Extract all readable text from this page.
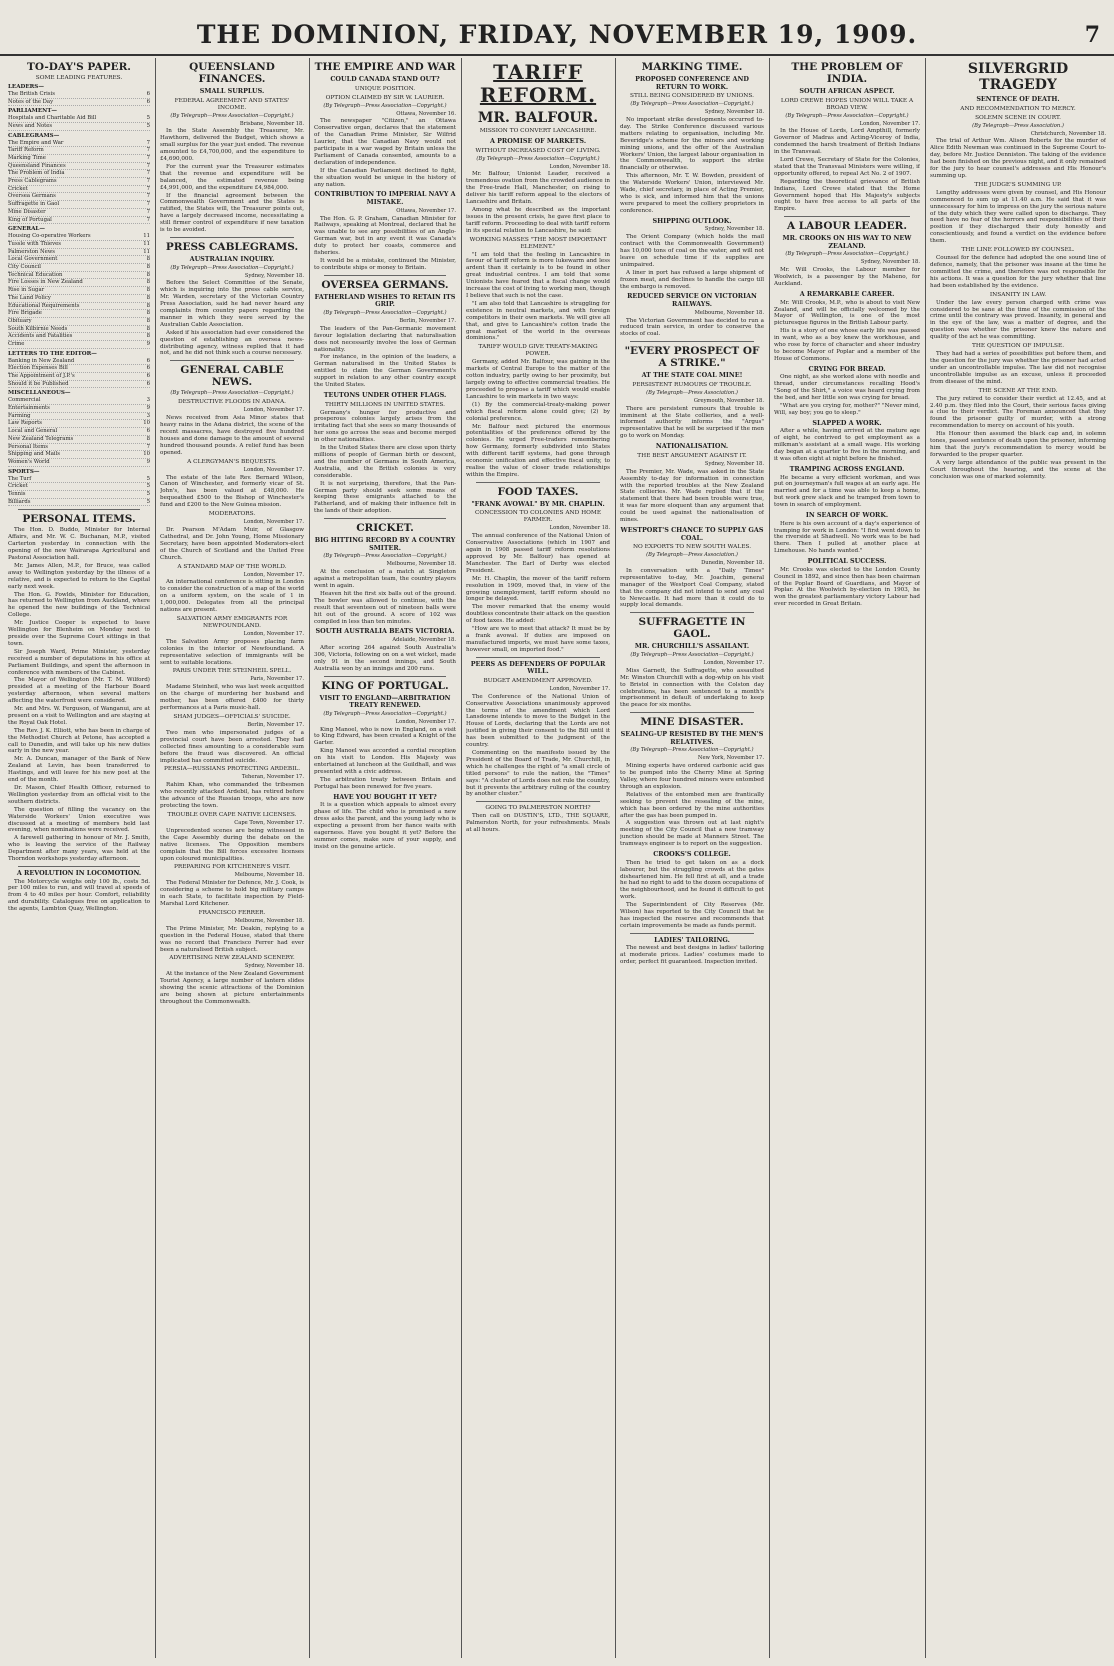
THE DOMINION, FRIDAY, NOVEMBER 19, 1909.	7
TO-DAY'S PAPER.
SOME LEADING FEATURES.
LEADERS—
The British Crisis	6
Notes of the Day	6
PARLIAMENT—
Hospitals and Charitable Aid Bill	5
News and Notes	5
CABLEGRAMS—
The Empire and War	7
Tariff Reform	7
Marking Time	7
Queensland Finances	7
The Problem of India	7
Press Cablegrams	7
Cricket	7
Oversea Germans	7
Suffragette in Gaol	7
Mine Disaster	7
King of Portugal	7
GENERAL—
Housing Co-operative Workers	11
Tussle with Thieves	11
Palmerston News	11
Local Government	8
City Council	8
Technical Education	8
Fire Losses in New Zealand	8
Rise in Sugar	8
The Land Policy	8
Educational Requirements	8
Fire Brigade	8
Obituary	8
South Kilbirnie Needs	8
Accidents and Fatalities	8
Crime	9
LETTERS TO THE EDITOR—
Banking in New Zealand	6
Election Expenses Bill	6
The Appointment of J.P.'s	6
Should it be Published	6
MISCELLANEOUS—
Commercial	3
Entertainments	9
Farming	3
Law Reports	10
Local and General	6
New Zealand Telegrams	8
Personal Items	7
Shipping and Mails	10
Women's World	9
SPORTS—
The Turf	5
Cricket	5
Tennis	5
Billiards	5
PERSONAL ITEMS.

The Hon. D. Buddo, Minister for Internal Affairs, and Mr. W. C. Buchanan, M.P., visited Carterton yesterday in connection with the opening of the new Wairarapa Agricultural and Pastoral Association hall.

Mr. James Allen, M.P., for Bruce, was called away to Wellington yesterday by the illness of a relative, and is expected to return to the Capital early next week.

The Hon. G. Fowlds, Minister for Education, has returned to Wellington from Auckland, where he opened the new buildings of the Technical College.

Mr. Justice Cooper is expected to leave Wellington for Blenheim on Monday next to preside over the Supreme Court sittings in that town.

Sir Joseph Ward, Prime Minister, yesterday received a number of deputations in his office at Parliament Buildings, and spent the afternoon in conference with members of the Cabinet.

The Mayor of Wellington (Mr. T. M. Wilford) presided at a meeting of the Harbour Board yesterday afternoon, when several matters affecting the waterfront were considered.

Mr. and Mrs. W. Ferguson, of Wanganui, are at present on a visit to Wellington and are staying at the Royal Oak Hotel.

The Rev. J. K. Elliott, who has been in charge of the Methodist Church at Petone, has accepted a call to Dunedin, and will take up his new duties early in the new year.

Mr. A. Duncan, manager of the Bank of New Zealand at Levin, has been transferred to Hastings, and will leave for his new post at the end of the month.

Dr. Mason, Chief Health Officer, returned to Wellington yesterday from an official visit to the southern districts.

The question of filling the vacancy on the Waterside Workers' Union executive was discussed at a meeting of members held last evening, when nominations were received.

A farewell gathering in honour of Mr. J. Smith, who is leaving the service of the Railway Department after many years, was held at the Thorndon workshops yesterday afternoon.

A REVOLUTION IN LOCOMOTION.

The Motorcycle weighs only 100 lb., costs 5d. per 100 miles to run, and will travel at speeds of from 4 to 40 miles per hour. Comfort, reliability and durability. Catalogues free on application to the agents, Lambton Quay, Wellington.

QUEENSLAND FINANCES.
SMALL SURPLUS.
FEDERAL AGREEMENT AND STATES' INCOME.
(By Telegraph—Press Association—Copyright.)
Brisbane, November 18.

In the State Assembly the Treasurer, Mr. Hawthorn, delivered the Budget, which shows a small surplus for the year just ended. The revenue amounted to £4,700,000, and the expenditure to £4,690,000.

For the current year the Treasurer estimates that the revenue and expenditure will be balanced, the estimated revenue being £4,991,000, and the expenditure £4,984,000.

If the financial agreement between the Commonwealth Government and the States is ratified, the States will, the Treasurer points out, have a largely decreased income, necessitating a still firmer control of expenditure if new taxation is to be avoided.

PRESS CABLEGRAMS.
AUSTRALIAN INQUIRY.
(By Telegraph—Press Association—Copyright.)
Sydney, November 18.

Before the Select Committee of the Senate, which is inquiring into the press cable service, Mr. Warden, secretary of the Victorian Country Press Association, said he had never heard any complaints from country papers regarding the manner in which they were served by the Australian Cable Association.

Asked if his association had ever considered the question of establishing an oversea news-distributing agency, witness replied that it had not, and he did not think such a course necessary.

GENERAL CABLE NEWS.
(By Telegraph—Press Association—Copyright.)
DESTRUCTIVE FLOODS IN ADANA.
London, November 17.

News received from Asia Minor states that heavy rains in the Adana district, the scene of the recent massacres, have destroyed five hundred houses and done damage to the amount of several hundred thousand pounds. A relief fund has been opened.

A CLERGYMAN'S BEQUESTS.
London, November 17.

The estate of the late Rev. Bernard Wilson, Canon of Winchester, and formerly vicar of St. John's, has been valued at £48,000. He bequeathed £500 to the Bishop of Winchester's fund and £200 to the New Guinea mission.

MODERATORS.
London, November 17.

Dr. Pearson M'Adam Muir, of Glasgow Cathedral, and Dr. John Young, Home Missionary Secretary, have been appointed Moderators-elect of the Church of Scotland and the United Free Church.

A STANDARD MAP OF THE WORLD.
London, November 17.

An international conference is sitting in London to consider the construction of a map of the world on a uniform system, on the scale of 1 in 1,000,000. Delegates from all the principal nations are present.

SALVATION ARMY EMIGRANTS FOR NEWFOUNDLAND.
London, November 17.

The Salvation Army proposes placing farm colonies in the interior of Newfoundland. A representative selection of immigrants will be sent to suitable locations.

PARIS UNDER THE STEINHEIL SPELL.
Paris, November 17.

Madame Steinheil, who was last week acquitted on the charge of murdering her husband and mother, has been offered £400 for thirty performances at a Paris music-hall.

SHAM JUDGES—OFFICIALS' SUICIDE.
Berlin, November 17.

Two men who impersonated judges of a provincial court have been arrested. They had collected fines amounting to a considerable sum before the fraud was discovered. An official implicated has committed suicide.

PERSIA—RUSSIANS PROTECTING ARDEBIL.
Teheran, November 17.

Rahim Khan, who commanded the tribesmen who recently attacked Ardebil, has retired before the advance of the Russian troops, who are now protecting the town.

TROUBLE OVER CAPE NATIVE LICENSES.
Cape Town, November 17.

Unprecedented scenes are being witnessed in the Cape Assembly during the debate on the native licenses. The Opposition members complain that the Bill forces excessive licenses upon coloured municipalities.

PREPARING FOR KITCHENER'S VISIT.
Melbourne, November 18.

The Federal Minister for Defence, Mr. J. Cook, is considering a scheme to hold big military camps in each State, to facilitate inspection by Field-Marshal Lord Kitchener.

FRANCISCO FERRER.
Melbourne, November 18.

The Prime Minister, Mr. Deakin, replying to a question in the Federal House, stated that there was no record that Francisco Ferrer had ever been a naturalised British subject.

ADVERTISING NEW ZEALAND SCENERY.
Sydney, November 18.

At the instance of the New Zealand Government Tourist Agency, a large number of lantern slides showing the scenic attractions of the Dominion are being shown at picture entertainments throughout the Commonwealth.

THE EMPIRE AND WAR
COULD CANADA STAND OUT?
UNIQUE POSITION.
OPTION CLAIMED BY SIR W. LAURIER.
(By Telegraph—Press Association—Copyright.)
Ottawa, November 16.

The newspaper "Citizen," an Ottawa Conservative organ, declares that the statement of the Canadian Prime Minister, Sir Wilfrid Laurier, that the Canadian Navy would not participate in a war waged by Britain unless the Parliament of Canada consented, amounts to a declaration of independence.

If the Canadian Parliament declined to fight, the situation would be unique in the history of any nation.

CONTRIBUTION TO IMPERIAL NAVY A MISTAKE.
Ottawa, November 17.

The Hon. G. P. Graham, Canadian Minister for Railways, speaking at Montreal, declared that he was unable to see any possibilities of an Anglo-German war, but in any event it was Canada's duty to protect her coasts, commerce and fisheries.

It would be a mistake, continued the Minister, to contribute ships or money to Britain.

OVERSEA GERMANS.
FATHERLAND WISHES TO RETAIN ITS GRIP.
(By Telegraph—Press Association—Copyright.)
Berlin, November 17.

The leaders of the Pan-Germanic movement favour legislation declaring that naturalisation does not necessarily involve the loss of German nationality.

For instance, in the opinion of the leaders, a German naturalised in the United States is entitled to claim the German Government's support in relation to any other country except the United States.

TEUTONS UNDER OTHER FLAGS.
THIRTY MILLIONS IN UNITED STATES.

Germany's hunger for productive and prosperous colonies largely arises from the irritating fact that she sees so many thousands of her sons go across the seas and become merged in other nationalities.

In the United States there are close upon thirty millions of people of German birth or descent, and the number of Germans in South America, Australia, and the British colonies is very considerable.

It is not surprising, therefore, that the Pan-German party should seek some means of keeping these emigrants attached to the Fatherland, and of making their influence felt in the lands of their adoption.

CRICKET.
BIG HITTING RECORD BY A COUNTRY SMITER.
(By Telegraph—Press Association—Copyright.)
Melbourne, November 18.

At the conclusion of a match at Singleton against a metropolitan team, the country players went in again.

Heaven hit the first six balls out of the ground. The bowler was allowed to continue, with the result that seventeen out of nineteen balls were hit out of the ground. A score of 102 was compiled in less than ten minutes.

SOUTH AUSTRALIA BEATS VICTORIA.
Adelaide, November 18.

After scoring 264 against South Australia's 306, Victoria, following on on a wet wicket, made only 91 in the second innings, and South Australia won by an innings and 200 runs.

KING OF PORTUGAL.
VISIT TO ENGLAND—ARBITRATION TREATY RENEWED.
(By Telegraph—Press Association—Copyright.)
London, November 17.

King Manoel, who is now in England, on a visit to King Edward, has been created a Knight of the Garter.

King Manoel was accorded a cordial reception on his visit to London. His Majesty was entertained at luncheon at the Guildhall, and was presented with a civic address.

The arbitration treaty between Britain and Portugal has been renewed for five years.

HAVE YOU BOUGHT IT YET?

It is a question which appeals to almost every phase of life. The child who is promised a new dress asks the parent, and the young lady who is expecting a present from her fiance waits with eagerness. Have you bought it yet? Before the summer comes, make sure of your supply, and insist on the genuine article.

TARIFF REFORM.
MR. BALFOUR.
MISSION TO CONVERT LANCASHIRE.
A PROMISE OF MARKETS.
WITHOUT INCREASED COST OF LIVING.
(By Telegraph—Press Association—Copyright.)
London, November 18.

Mr. Balfour, Unionist Leader, received a tremendous ovation from the crowded audience in the Free-trade Hall, Manchester, on rising to deliver his tariff reform appeal to the electors of Lancashire and Britain.

Among what he described as the important issues in the present crisis, he gave first place to tariff reform. Proceeding to deal with tariff reform in its special relation to Lancashire, he said:

WORKING MASSES "THE MOST IMPORTANT ELEMENT."

"I am told that the feeling in Lancashire in favour of tariff reform is more lukewarm and less ardent than it certainly is to be found in other great industrial centres. I am told that some Unionists have feared that a fiscal change would increase the cost of living to working men, though I believe that such is not the case.

"I am also told that Lancashire is struggling for existence in neutral markets, and with foreign competitors in their own markets. We will give all that, and give to Lancashire's cotton trade the great market of the world in the overseas dominions."

TARIFF WOULD GIVE TREATY-MAKING POWER.

Germany, added Mr. Balfour, was gaining in the markets of Central Europe to the matter of the cotton industry, partly owing to her proximity, but largely owing to effective commercial treaties. He proceeded to propose a tariff which would enable Lancashire to win markets in two ways:

(1) By the commercial-treaty-making power which fiscal reform alone could give; (2) by colonial preference.

Mr. Balfour next pictured the enormous potentialities of the preference offered by the colonies. He urged Free-traders remembering how Germany, formerly subdivided into States with different tariff systems, had gone through economic unification and effective fiscal unity, to realise the value of closer trade relationships within the Empire.

FOOD TAXES.
"FRANK AVOWAL" BY MR. CHAPLIN.
CONCESSION TO COLONIES AND HOME FARMER.
London, November 18.

The annual conference of the National Union of Conservative Associations (which in 1907 and again in 1908 passed tariff reform resolutions approved by Mr. Balfour) has opened at Manchester. The Earl of Derby was elected President.

Mr. H. Chaplin, the mover of the tariff reform resolution in 1909, moved that, in view of the growing unemployment, tariff reform should no longer be delayed.

The mover remarked that the enemy would doubtless concentrate their attack on the question of food taxes. He added:

"How are we to meet that attack? It must be by a frank avowal. If duties are imposed on manufactured imports, we must have some taxes, however small, on imported food."

PEERS AS DEFENDERS OF POPULAR WILL.
BUDGET AMENDMENT APPROVED.
London, November 17.

The Conference of the National Union of Conservative Associations unanimously approved the terms of the amendment which Lord Lansdowne intends to move to the Budget in the House of Lords, declaring that the Lords are not justified in giving their consent to the Bill until it has been submitted to the judgment of the country.

Commenting on the manifesto issued by the President of the Board of Trade, Mr. Churchill, in which he challenges the right of "a small circle of titled persons" to rule the nation, the "Times" says: "A cluster of Lords does not rule the country, but it prevents the arbitrary ruling of the country by another cluster."

GOING TO PALMERSTON NORTH?

Then call on DUSTIN'S, LTD., THE SQUARE, Palmerston North, for your refreshments. Meals at all hours.

MARKING TIME.
PROPOSED CONFERENCE AND RETURN TO WORK.
STILL BEING CONSIDERED BY UNIONS.
(By Telegraph—Press Association—Copyright.)
Sydney, November 18.

No important strike developments occurred to-day. The Strike Conference discussed various matters relating to organisation, including Mr. Beveridge's scheme for the miners and working mining unions, and the offer of the Australian Workers' Union, the largest labour organisation in the Commonwealth, to support the strike financially or otherwise.

This afternoon, Mr. T. W. Bowden, president of the Waterside Workers' Union, interviewed Mr. Wade, chief secretary, in place of Acting Premier, who is sick, and informed him that the unions were prepared to meet the colliery proprietors in conference.

SHIPPING OUTLOOK.
Sydney, November 18.

The Orient Company (which holds the mail contract with the Commonwealth Government) has 10,000 tons of coal on the water, and will not leave on schedule time if its supplies are unimpaired.

A liner in port has refused a large shipment of frozen meat, and declines to handle the cargo till the embargo is removed.

REDUCED SERVICE ON VICTORIAN RAILWAYS.
Melbourne, November 18.

The Victorian Government has decided to run a reduced train service, in order to conserve the stocks of coal.

"EVERY PROSPECT OF A STRIKE."
AT THE STATE COAL MINE!
PERSISTENT RUMOURS OF TROUBLE.
(By Telegraph—Press Association.)
Greymouth, November 18.

There are persistent rumours that trouble is imminent at the State collieries, and a well-informed authority informs the "Argus" representative that he will be surprised if the men go to work on Monday.

NATIONALISATION.
THE BEST ARGUMENT AGAINST IT.
Sydney, November 18.

The Premier, Mr. Wade, was asked in the State Assembly to-day for information in connection with the reported troubles at the New Zealand State collieries. Mr. Wade replied that if the statement that there had been trouble were true, it was far more eloquent than any argument that could be used against the nationalisation of mines.

WESTPORT'S CHANCE TO SUPPLY GAS COAL.
NO EXPORTS TO NEW SOUTH WALES.
(By Telegraph—Press Association.)
Dunedin, November 18.

In conversation with a "Daily Times" representative to-day, Mr. Joachim, general manager of the Westport Coal Company, stated that the company did not intend to send any coal to Newcastle. It had more than it could do to supply local demands.

SUFFRAGETTE IN GAOL.
MR. CHURCHILL'S ASSAILANT.
(By Telegraph—Press Association—Copyright.)
London, November 17.

Miss Garnett, the Suffragette, who assaulted Mr. Winston Churchill with a dog-whip on his visit to Bristol in connection with the Colston day celebrations, has been sentenced to a month's imprisonment in default of undertaking to keep the peace for six months.

MINE DISASTER.
SEALING-UP RESISTED BY THE MEN'S RELATIVES.
(By Telegraph—Press Association—Copyright.)
New York, November 17.

Mining experts have ordered carbonic acid gas to be pumped into the Cherry Mine at Spring Valley, where four hundred miners were entombed through an explosion.

Relatives of the entombed men are frantically seeking to prevent the resealing of the mine, which has been ordered by the mine authorities after the gas has been pumped in.

A suggestion was thrown out at last night's meeting of the City Council that a new tramway junction should be made at Manners Street. The tramways engineer is to report on the suggestion.

CROOKS'S COLLEGE.

Then he tried to get taken on as a dock labourer, but the struggling crowds at the gates disheartened him. He fell first at all, and a trade he had no right to add to the dozen occupations of the neighbourhood, and he found it difficult to get work.

The Superintendent of City Reserves (Mr. Wilson) has reported to the City Council that he has inspected the reserve and recommends that certain improvements be made as funds permit.

LADIES' TAILORING.

The newest and best designs in ladies' tailoring at moderate prices. Ladies' costumes made to order, perfect fit guaranteed. Inspection invited.

THE PROBLEM OF INDIA.
SOUTH AFRICAN ASPECT.
LORD CREWE HOPES UNION WILL TAKE A BROAD VIEW.
(By Telegraph—Press Association—Copyright.)
London, November 17.

In the House of Lords, Lord Ampthill, formerly Governor of Madras and Acting-Viceroy of India, condemned the harsh treatment of British Indians in the Transvaal.

Lord Crewe, Secretary of State for the Colonies, stated that the Transvaal Ministers were willing, if opportunity offered, to repeal Act No. 2 of 1907.

Regarding the theoretical grievance of British Indians, Lord Crewe stated that the Home Government hoped that His Majesty's subjects ought to have free access to all parts of the Empire.

A LABOUR LEADER.
MR. CROOKS ON HIS WAY TO NEW ZEALAND.
(By Telegraph—Press Association—Copyright.)
Sydney, November 18.

Mr. Will Crooks, the Labour member for Woolwich, is a passenger by the Maheno, for Auckland.

A REMARKABLE CAREER.

Mr. Will Crooks, M.P., who is about to visit New Zealand, and will be officially welcomed by the Mayor of Wellington, is one of the most picturesque figures in the British Labour party.

His is a story of one whose early life was passed in want, who as a boy knew the workhouse, and who rose by force of character and sheer industry to become Mayor of Poplar and a member of the House of Commons.

CRYING FOR BREAD.

One night, as she worked alone with needle and thread, under circumstances recalling Hood's "Song of the Shirt," a voice was heard crying from the bed, and her little son was crying for bread.

"What are you crying for, mother?" "Never mind, Will, say boy; you go to sleep."

SLAPPED A WORK.

After a while, having arrived at the mature age of eight, he contrived to get employment as a milkman's assistant at a small wage. His working day began at a quarter to five in the morning, and it was often eight at night before he finished.

TRAMPING ACROSS ENGLAND.

He became a very efficient workman, and was put on journeyman's full wages at an early age. He married and for a time was able to keep a home, but work grew slack and he tramped from town to town in search of employment.

IN SEARCH OF WORK.

Here is his own account of a day's experience of tramping for work in London: "I first went down to the riverside at Shadwell. No work was to be had there. Then I pulled at another place at Limehouse. No hands wanted."

POLITICAL SUCCESS.

Mr. Crooks was elected to the London County Council in 1892, and since then has been chairman of the Poplar Board of Guardians, and Mayor of Poplar. At the Woolwich by-election in 1903, he won the greatest parliamentary victory Labour had ever recorded in Great Britain.

SILVERGRID TRAGEDY
SENTENCE OF DEATH.
AND RECOMMENDATION TO MERCY.
SOLEMN SCENE IN COURT.
(By Telegraph—Press Association.)
Christchurch, November 18.

The trial of Arthur Wm. Alison Roberts for the murder of Alice Edith Newman was continued in the Supreme Court to-day, before Mr. Justice Denniston. The taking of the evidence had been finished on the previous night, and it only remained for the jury to hear counsel's addresses and His Honour's summing up.

THE JUDGE'S SUMMING UP.

Lengthy addresses were given by counsel, and His Honour commenced to sum up at 11.40 a.m. He said that it was unnecessary for him to impress on the jury the serious nature of the duty which they were called upon to discharge. They need have no fear of the horrors and responsibilities of their position if they discharged their duty honestly and conscientiously, and found a verdict on the evidence before them.

THE LINE FOLLOWED BY COUNSEL.

Counsel for the defence had adopted the one sound line of defence, namely, that the prisoner was insane at the time he committed the crime, and therefore was not responsible for his actions. It was a question for the jury whether that line had been established by the evidence.

INSANITY IN LAW.

Under the law every person charged with crime was considered to be sane at the time of the commission of the crime until the contrary was proved. Insanity, in general and in the eye of the law, was a matter of degree, and the question was whether the prisoner knew the nature and quality of the act he was committing.

THE QUESTION OF IMPULSE.

They had had a series of possibilities put before them, and the question for the jury was whether the prisoner had acted under an uncontrollable impulse. The law did not recognise uncontrollable impulse as an excuse, unless it proceeded from disease of the mind.

THE SCENE AT THE END.

The jury retired to consider their verdict at 12.45, and at 2.40 p.m. they filed into the Court, their serious faces giving a clue to their verdict. The Foreman announced that they found the prisoner guilty of murder, with a strong recommendation to mercy on account of his youth.

His Honour then assumed the black cap and, in solemn tones, passed sentence of death upon the prisoner, informing him that the jury's recommendation to mercy would be forwarded to the proper quarter.

A very large attendance of the public was present in the Court throughout the hearing, and the scene at the conclusion was one of marked solemnity.
